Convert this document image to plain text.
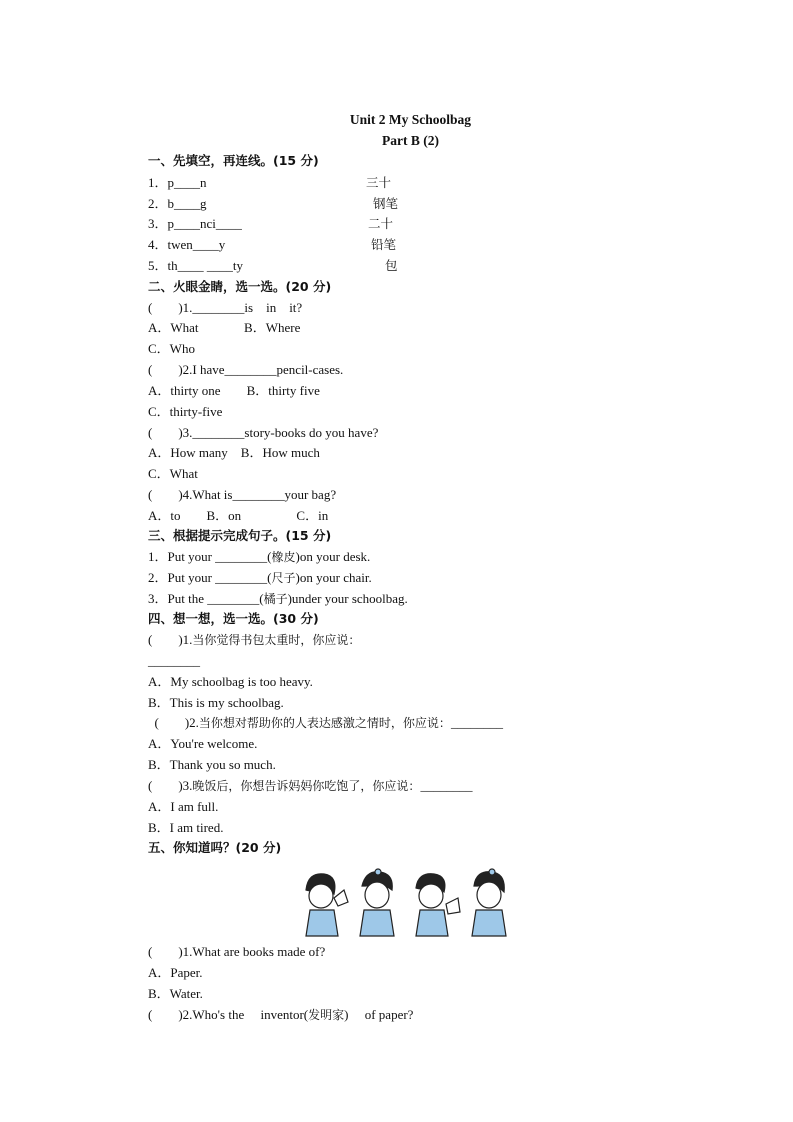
Unit 2 My Schoolbag
Part B (2)
一、先填空，再连线。(15 分)
1．p____n
2．b____g
3．p____nci____
4．twen____y
5．th____ ____ty
三十
钢笔
二十
铅笔
包
二、火眼金睛，选一选。(20 分)
(        )1.________is    in    it?
A．What              B．Where
C．Who
(        )2.I have________pencil-cases.
A．thirty one        B．thirty five
C．thirty-five
(        )3.________story-books do you have?
A．How many    B．How much
C．What
(        )4.What is________your bag?
A．to        B．on                 C．in
三、根据提示完成句子。(15 分)
1．Put your ________(橡皮)on your desk.
2．Put your ________(尺子)on your chair.
3．Put the ________(橘子)under your schoolbag.
四、想一想，选一选。(30 分)
(        )1.当你觉得书包太重时，你应说：
________
A．My schoolbag is too heavy.
B．This is my schoolbag.
(        )2.当你想对帮助你的人表达感激之情时，你应说：________
A．You're welcome.
B．Thank you so much.
(        )3.晚饭后，你想告诉妈妈你吃饱了，你应说：________
A．I am full.
B．I am tired.
五、你知道吗？(20 分)
(        )1.What are books made of?
A．Paper.
B．Water.
(        )2.Who's the     inventor(发明家)     of paper?
